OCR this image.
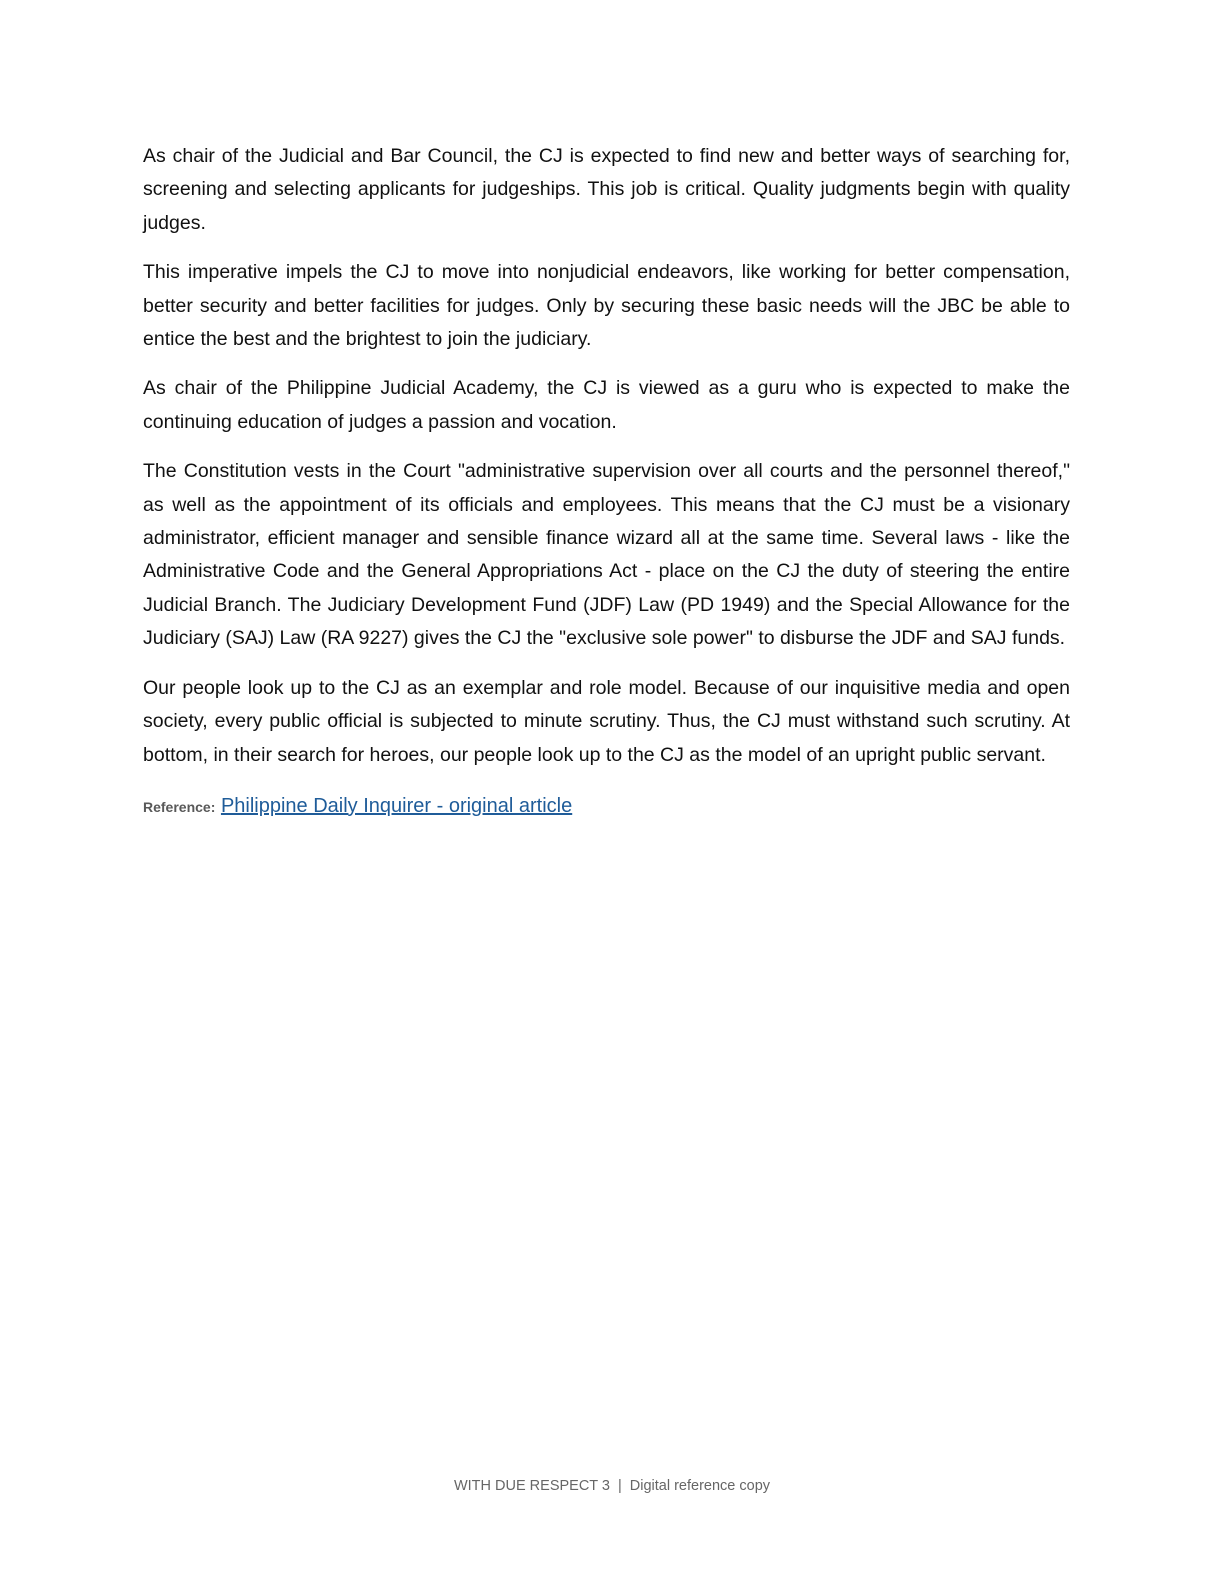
As chair of the Judicial and Bar Council, the CJ is expected to find new and better ways of searching for, screening and selecting applicants for judgeships. This job is critical. Quality judgments begin with quality judges.

This imperative impels the CJ to move into nonjudicial endeavors, like working for better compensation, better security and better facilities for judges. Only by securing these basic needs will the JBC be able to entice the best and the brightest to join the judiciary.

As chair of the Philippine Judicial Academy, the CJ is viewed as a guru who is expected to make the continuing education of judges a passion and vocation.

The Constitution vests in the Court "administrative supervision over all courts and the personnel thereof," as well as the appointment of its officials and employees. This means that the CJ must be a visionary administrator, efficient manager and sensible finance wizard all at the same time. Several laws - like the Administrative Code and the General Appropriations Act - place on the CJ the duty of steering the entire Judicial Branch. The Judiciary Development Fund (JDF) Law (PD 1949) and the Special Allowance for the Judiciary (SAJ) Law (RA 9227) gives the CJ the "exclusive sole power" to disburse the JDF and SAJ funds.

Our people look up to the CJ as an exemplar and role model. Because of our inquisitive media and open society, every public official is subjected to minute scrutiny. Thus, the CJ must withstand such scrutiny. At bottom, in their search for heroes, our people look up to the CJ as the model of an upright public servant.

Reference: Philippine Daily Inquirer - original article
WITH DUE RESPECT 3 | Digital reference copy
